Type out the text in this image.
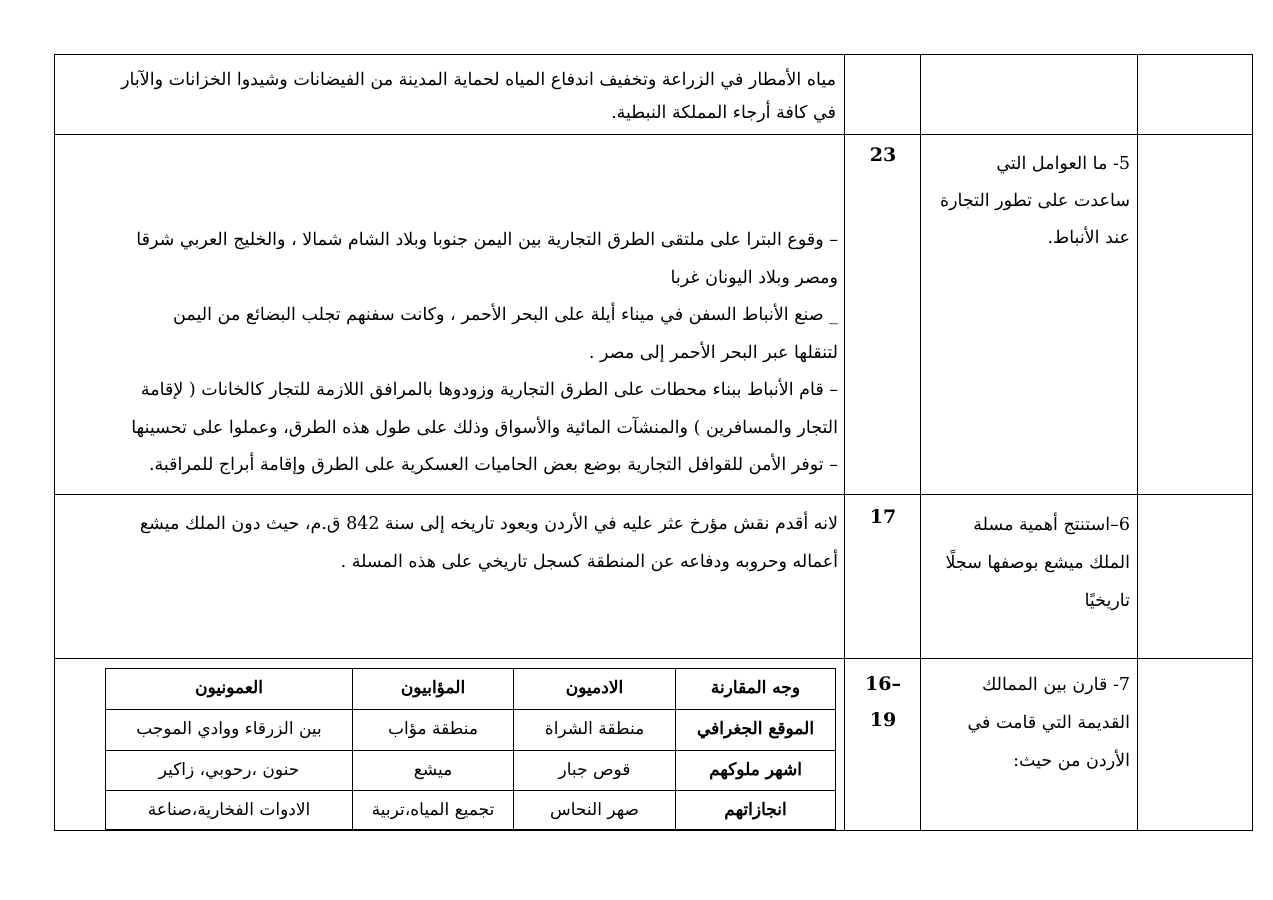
مياه الأمطار في الزراعة وتخفيف اندفاع المياه لحماية المدينة من الفيضانات وشيدوا الخزانات والآبار
في كافة أرجاء المملكة النبطية.
5- ما العوامل التي
ساعدت على تطور التجارة
عند الأنباط.
23
– وقوع البترا على ملتقى الطرق التجارية بين اليمن جنوبا وبلاد الشام شمالا ، والخليج العربي شرقا
ومصر وبلاد اليونان غربا
_ صنع الأنباط السفن في ميناء أيلة على البحر الأحمر ، وكانت سفنهم تجلب البضائع من اليمن
لتنقلها عبر البحر الأحمر إلى مصر .
– قام الأنباط ببناء محطات على الطرق التجارية وزودوها بالمرافق اللازمة للتجار كالخانات ( لإقامة
التجار والمسافرين ) والمنشآت المائية والأسواق وذلك على طول هذه الطرق، وعملوا على تحسينها
– توفر الأمن للقوافل التجارية بوضع بعض الحاميات العسكرية على الطرق وإقامة أبراج للمراقبة.
6–استنتج أهمية مسلة
الملك ميشع بوصفها سجلًا
تاريخيًا
17
لانه أقدم نقش مؤرخ عثر عليه في الأردن ويعود تاريخه إلى سنة 842 ق.م، حيث دون الملك ميشع
أعماله وحروبه ودفاعه عن المنطقة كسجل تاريخي على هذه المسلة .
7- قارن بين الممالك
القديمة التي قامت في
الأردن من حيث:
16–
19
وجه المقارنة
الادميون
المؤابيون
العمونيون
الموقع الجغرافي
منطقة الشراة
منطقة مؤاب
بين الزرقاء ووادي الموجب
اشهر ملوكهم
قوص جبار
ميشع
حنون ،رحوبي، زاكير
انجازاتهم
صهر النحاس
تجميع المياه،تربية
الادوات الفخارية،صناعة
